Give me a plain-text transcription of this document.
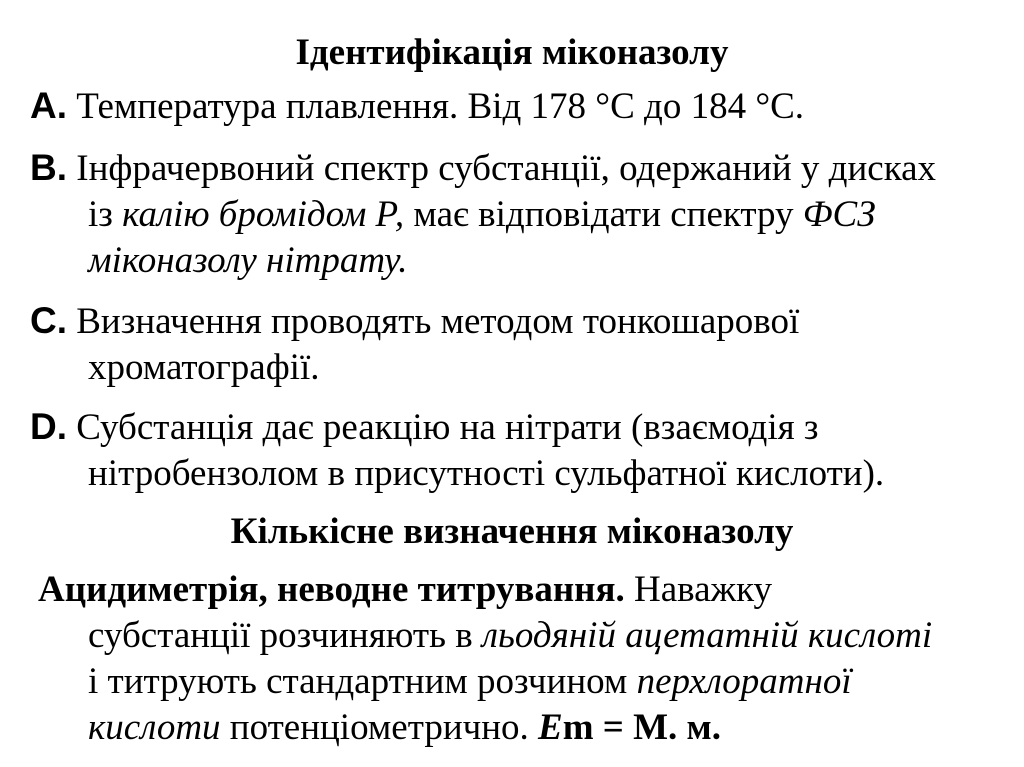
Ідентифікація міконазолу
А. Температура плавлення. Від 178 °С до 184 °С.
B. Інфрачервоний спектр субстанції, одержаний у дисках
із калію бромідом Р, має відповідати спектру ФСЗ
міконазолу нітрату.
C. Визначення проводять методом тонкошарової
хроматографії.
D. Субстанція дає реакцію на нітрати (взаємодія з
нітробензолом в присутності сульфатної кислоти).
Кількісне визначення міконазолу
Ацидиметрія, неводне титрування. Наважку
субстанції розчиняють в льодяній ацетатній кислоті
і титрують стандартним розчином перхлоратної
кислоти потенціометрично. Em = М. м.
